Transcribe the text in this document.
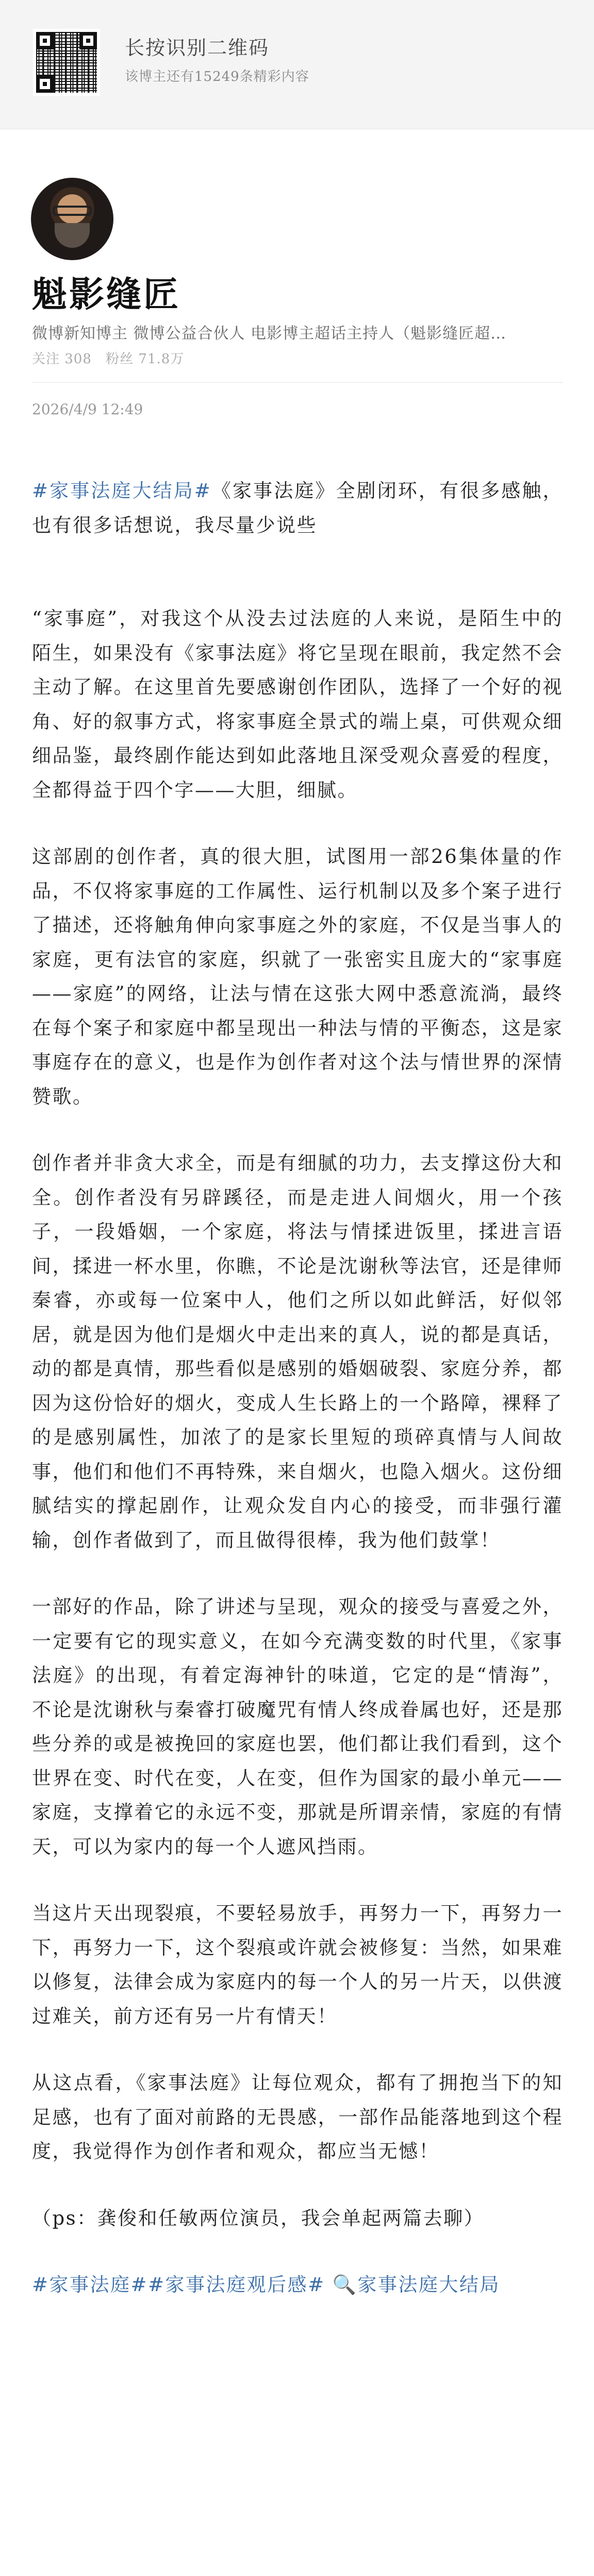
长按识别二维码
该博主还有15249条精彩内容
魁影缝匠
微博新知博主 微博公益合伙人 电影博主超话主持人（魁影缝匠超…
关注 308 粉丝 71.8万
2026/4/9 12:49

#家事法庭大结局#《家事法庭》全剧闭环，有很多感触，也有很多话想说，我尽量少说些

“家事庭”，对我这个从没去过法庭的人来说，是陌生中的陌生，如果没有《家事法庭》将它呈现在眼前，我定然不会主动了解。在这里首先要感谢创作团队，选择了一个好的视角、好的叙事方式，将家事庭全景式的端上桌，可供观众细细品鉴，最终剧作能达到如此落地且深受观众喜爱的程度，全都得益于四个字——大胆，细腻。

这部剧的创作者，真的很大胆，试图用一部26集体量的作品，不仅将家事庭的工作属性、运行机制以及多个案子进行了描述，还将触角伸向家事庭之外的家庭，不仅是当事人的家庭，更有法官的家庭，织就了一张密实且庞大的“家事庭——家庭”的网络，让法与情在这张大网中悉意流淌，最终在每个案子和家庭中都呈现出一种法与情的平衡态，这是家事庭存在的意义，也是作为创作者对这个法与情世界的深情赞歌。

创作者并非贪大求全，而是有细腻的功力，去支撑这份大和全。创作者没有另辟蹊径，而是走进人间烟火，用一个孩子，一段婚姻，一个家庭，将法与情揉进饭里，揉进言语间，揉进一杯水里，你瞧，不论是沈谢秋等法官，还是律师秦睿，亦或每一位案中人，他们之所以如此鲜活，好似邻居，就是因为他们是烟火中走出来的真人，说的都是真话，动的都是真情，那些看似是感别的婚姻破裂、家庭分养，都因为这份恰好的烟火，变成人生长路上的一个路障，裸释了的是感别属性，加浓了的是家长里短的琐碎真情与人间故事，他们和他们不再特殊，来自烟火，也隐入烟火。这份细腻结实的撑起剧作，让观众发自内心的接受，而非强行灌输，创作者做到了，而且做得很棒，我为他们鼓掌！

一部好的作品，除了讲述与呈现，观众的接受与喜爱之外，一定要有它的现实意义，在如今充满变数的时代里，《家事法庭》的出现，有着定海神针的味道，它定的是“情海”，不论是沈谢秋与秦睿打破魔咒有情人终成眷属也好，还是那些分养的或是被挽回的家庭也罢，他们都让我们看到，这个世界在变、时代在变，人在变，但作为国家的最小单元——家庭，支撑着它的永远不变，那就是所谓亲情，家庭的有情天，可以为家内的每一个人遮风挡雨。

当这片天出现裂痕，不要轻易放手，再努力一下，再努力一下，再努力一下，这个裂痕或许就会被修复：当然，如果难以修复，法律会成为家庭内的每一个人的另一片天，以供渡过难关，前方还有另一片有情天！

从这点看，《家事法庭》让每位观众，都有了拥抱当下的知足感，也有了面对前路的无畏感，一部作品能落地到这个程度，我觉得作为创作者和观众，都应当无憾！

（ps：龚俊和任敏两位演员，我会单起两篇去聊）

#家事法庭##家事法庭观后感# 🔍家事法庭大结局
